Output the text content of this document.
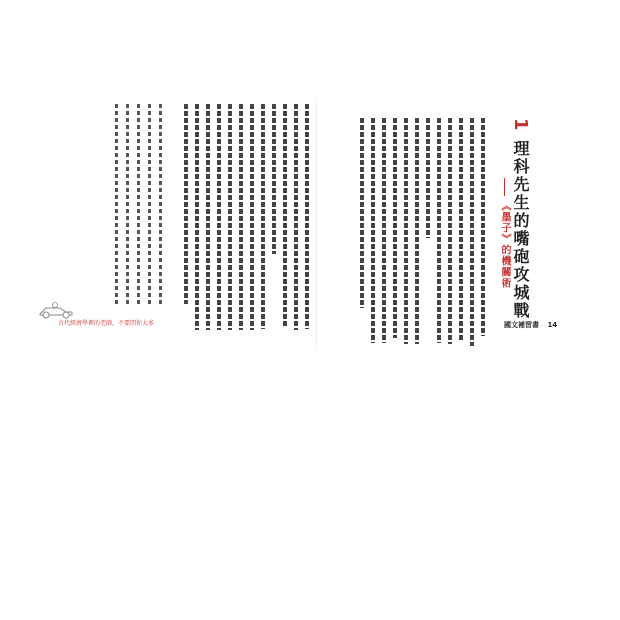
1 理科先生的嘴砲攻城戰
《墨子》的機關術
古代經濟學裡的老師，不要問你太多	國文補習書 14
